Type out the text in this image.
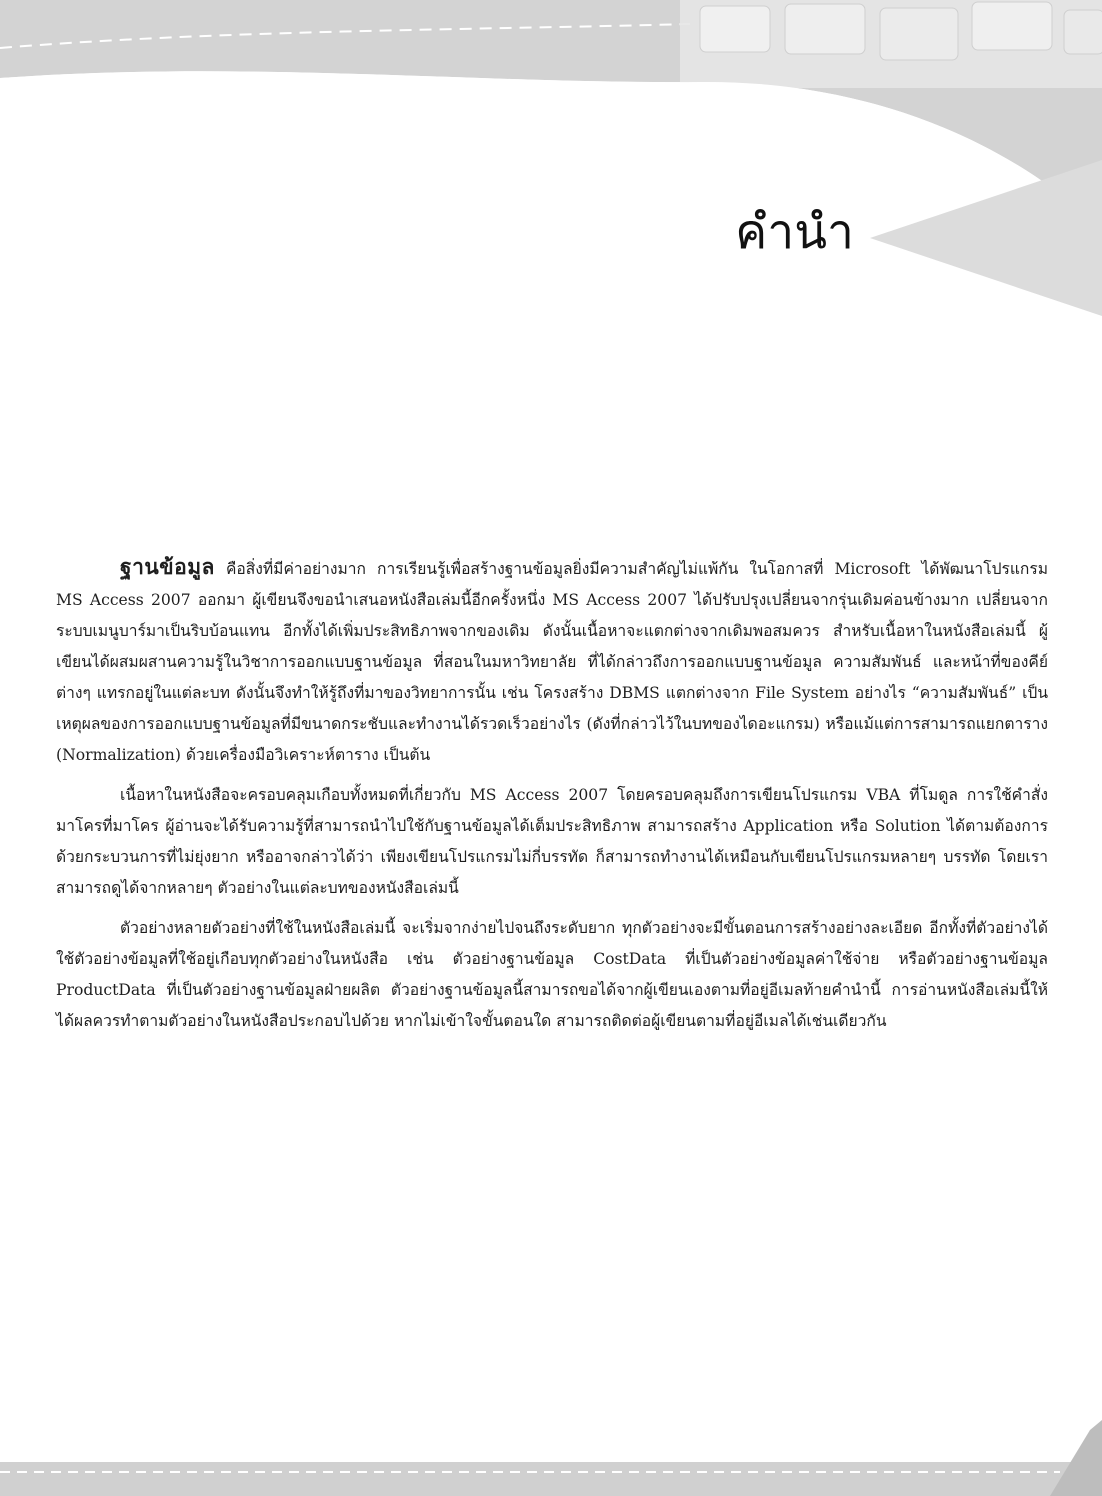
คำนำ

ฐานข้อมูล คือสิ่งที่มีค่าอย่างมาก การเรียนรู้เพื่อสร้างฐานข้อมูลยิ่งมีความสำคัญไม่แพ้กัน ในโอกาสที่ Microsoft ได้พัฒนาโปรแกรม MS Access 2007 ออกมา ผู้เขียนจึงขอนำเสนอหนังสือเล่มนี้อีกครั้งหนึ่ง MS Access 2007 ได้ปรับปรุงเปลี่ยนจากรุ่นเดิมค่อนข้างมาก เปลี่ยนจากระบบเมนูบาร์มาเป็นริบบ้อนแทน อีกทั้งได้เพิ่มประสิทธิภาพจากของเดิม ดังนั้นเนื้อหาจะแตกต่างจากเดิมพอสมควร สำหรับเนื้อหาในหนังสือเล่มนี้ ผู้เขียนได้ผสมผสานความรู้ในวิชาการออกแบบฐานข้อมูล ที่สอนในมหาวิทยาลัย ที่ได้กล่าวถึงการออกแบบฐานข้อมูล ความสัมพันธ์ และหน้าที่ของคีย์ต่างๆ แทรกอยู่ในแต่ละบท ดังนั้นจึงทำให้รู้ถึงที่มาของวิทยาการนั้น เช่น โครงสร้าง DBMS แตกต่างจาก File System อย่างไร “ความสัมพันธ์” เป็นเหตุผลของการออกแบบฐานข้อมูลที่มีขนาดกระชับและทำงานได้รวดเร็วอย่างไร (ดังที่กล่าวไว้ในบทของไดอะแกรม) หรือแม้แต่การสามารถแยกตาราง (Normalization) ด้วยเครื่องมือวิเคราะห์ตาราง เป็นต้น

เนื้อหาในหนังสือจะครอบคลุมเกือบทั้งหมดที่เกี่ยวกับ MS Access 2007 โดยครอบคลุมถึงการเขียนโปรแกรม VBA ที่โมดูล การใช้คำสั่งมาโครที่มาโคร ผู้อ่านจะได้รับความรู้ที่สามารถนำไปใช้กับฐานข้อมูลได้เต็มประสิทธิภาพ สามารถสร้าง Application หรือ Solution ได้ตามต้องการ ด้วยกระบวนการที่ไม่ยุ่งยาก หรืออาจกล่าวได้ว่า เพียงเขียนโปรแกรมไม่กี่บรรทัด ก็สามารถทำงานได้เหมือนกับเขียนโปรแกรมหลายๆ บรรทัด โดยเราสามารถดูได้จากหลายๆ ตัวอย่างในแต่ละบทของหนังสือเล่มนี้

ตัวอย่างหลายตัวอย่างที่ใช้ในหนังสือเล่มนี้ จะเริ่มจากง่ายไปจนถึงระดับยาก ทุกตัวอย่างจะมีขั้นตอนการสร้างอย่างละเอียด อีกทั้งที่ตัวอย่างได้ใช้ตัวอย่างข้อมูลที่ใช้อยู่เกือบทุกตัวอย่างในหนังสือ เช่น ตัวอย่างฐานข้อมูล CostData ที่เป็นตัวอย่างข้อมูลค่าใช้จ่าย หรือตัวอย่างฐานข้อมูล ProductData ที่เป็นตัวอย่างฐานข้อมูลฝ่ายผลิต ตัวอย่างฐานข้อมูลนี้สามารถขอได้จากผู้เขียนเองตามที่อยู่อีเมลท้ายคำนำนี้ การอ่านหนังสือเล่มนี้ให้ได้ผลควรทำตามตัวอย่างในหนังสือประกอบไปด้วย หากไม่เข้าใจขั้นตอนใด สามารถติดต่อผู้เขียนตามที่อยู่อีเมลได้เช่นเดียวกัน
